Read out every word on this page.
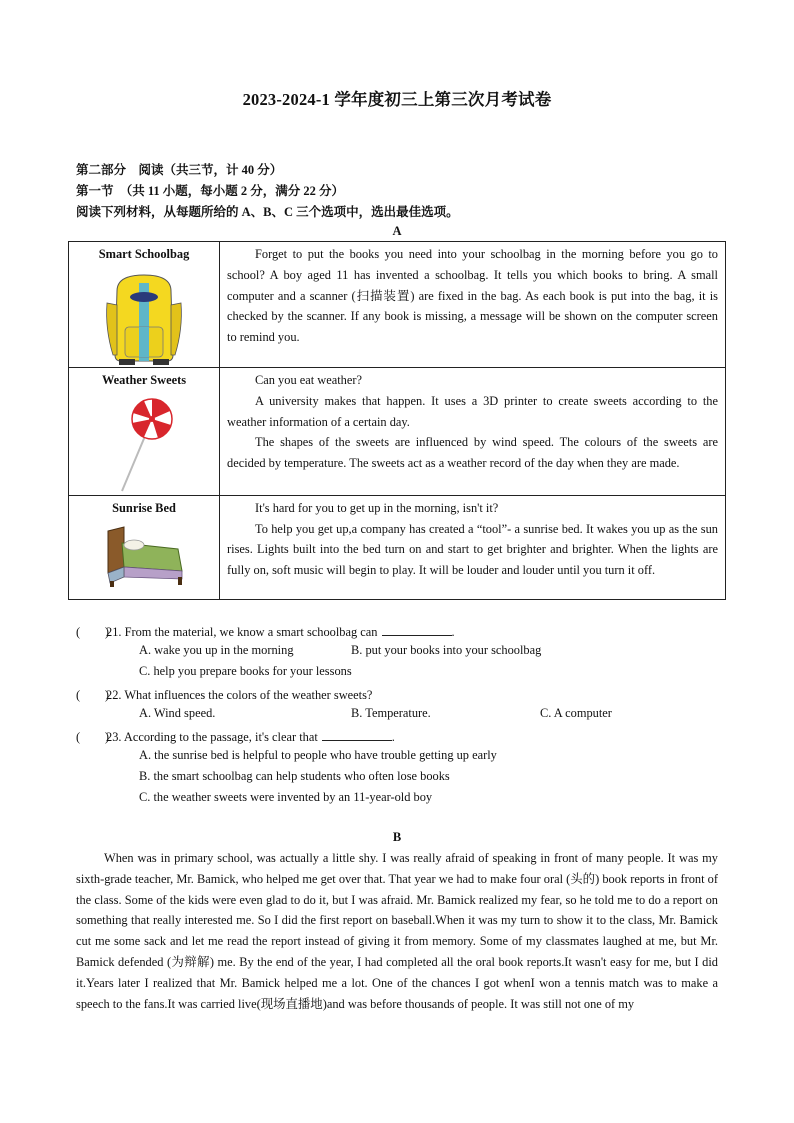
2023-2024-1 学年度初三上第三次月考试卷
第二部分　阅读（共三节，计 40 分）
第一节　（共 11 小题，每小题 2 分，满分 22 分）
阅读下列材料，从每题所给的 A、B、C 三个选项中，选出最佳选项。
A
Smart Schoolbag	Forget to put the books you need into your schoolbag in the morning before you go to school? A boy aged 11 has invented a schoolbag. It tells you which books to bring. A small computer and a scanner (扫描装置) are fixed in the bag. As each book is put into the bag, it is checked by the scanner. If any book is missing, a message will be shown on the computer screen to remind you.

Weather Sweets	Can you eat weather?

A university makes that happen. It uses a 3D printer to create sweets according to the weather information of a certain day.

The shapes of the sweets are influenced by wind speed. The colours of the sweets are decided by temperature. The sweets act as a weather record of the day when they are made.

Sunrise Bed	It's hard for you to get up in the morning, isn't it?

To help you get up,a company has created a “tool”- a sunrise bed. It wakes you up as the sun rises. Lights built into the bed turn on and start to get brighter and brighter. When the lights are fully on, soft music will begin to play. It will be louder and louder until you turn it off.

(　　)21. From the material, we know a smart schoolbag can	.
A. wake you up in the morning	B. put your books into your schoolbag
C. help you prepare books for your lessons
(　　)22. What influences the colors of the weather sweets?
A. Wind speed.	B. Temperature.	C. A computer
(　　)23. According to the passage, it's clear that	.
A. the sunrise bed is helpful to people who have trouble getting up early
B. the smart schoolbag can help students who often lose books
C. the weather sweets were invented by an 11-year-old boy
B

When was in primary school, was actually a little shy. I was really afraid of speaking in front of many people. It was my sixth-grade teacher, Mr. Bamick, who helped me get over that. That year we had to make four oral (头的) book reports in front of the class. Some of the kids were even glad to do it, but I was afraid. Mr. Bamick realized my fear, so he told me to do a report on something that really interested me. So I did the first report on baseball.When it was my turn to show it to the class, Mr. Bamick cut me some sack and let me read the report instead of giving it from memory. Some of my classmates laughed at me, but Mr. Bamick defended (为辩解) me. By the end of the year, I had completed all the oral book reports.It wasn't easy for me, but I did it.Years later I realized that Mr. Bamick helped me a lot. One of the chances I got whenI won a tennis match was to make a speech to the fans.It was carried live(现场直播地)and was before thousands of people. It was still not one of my
